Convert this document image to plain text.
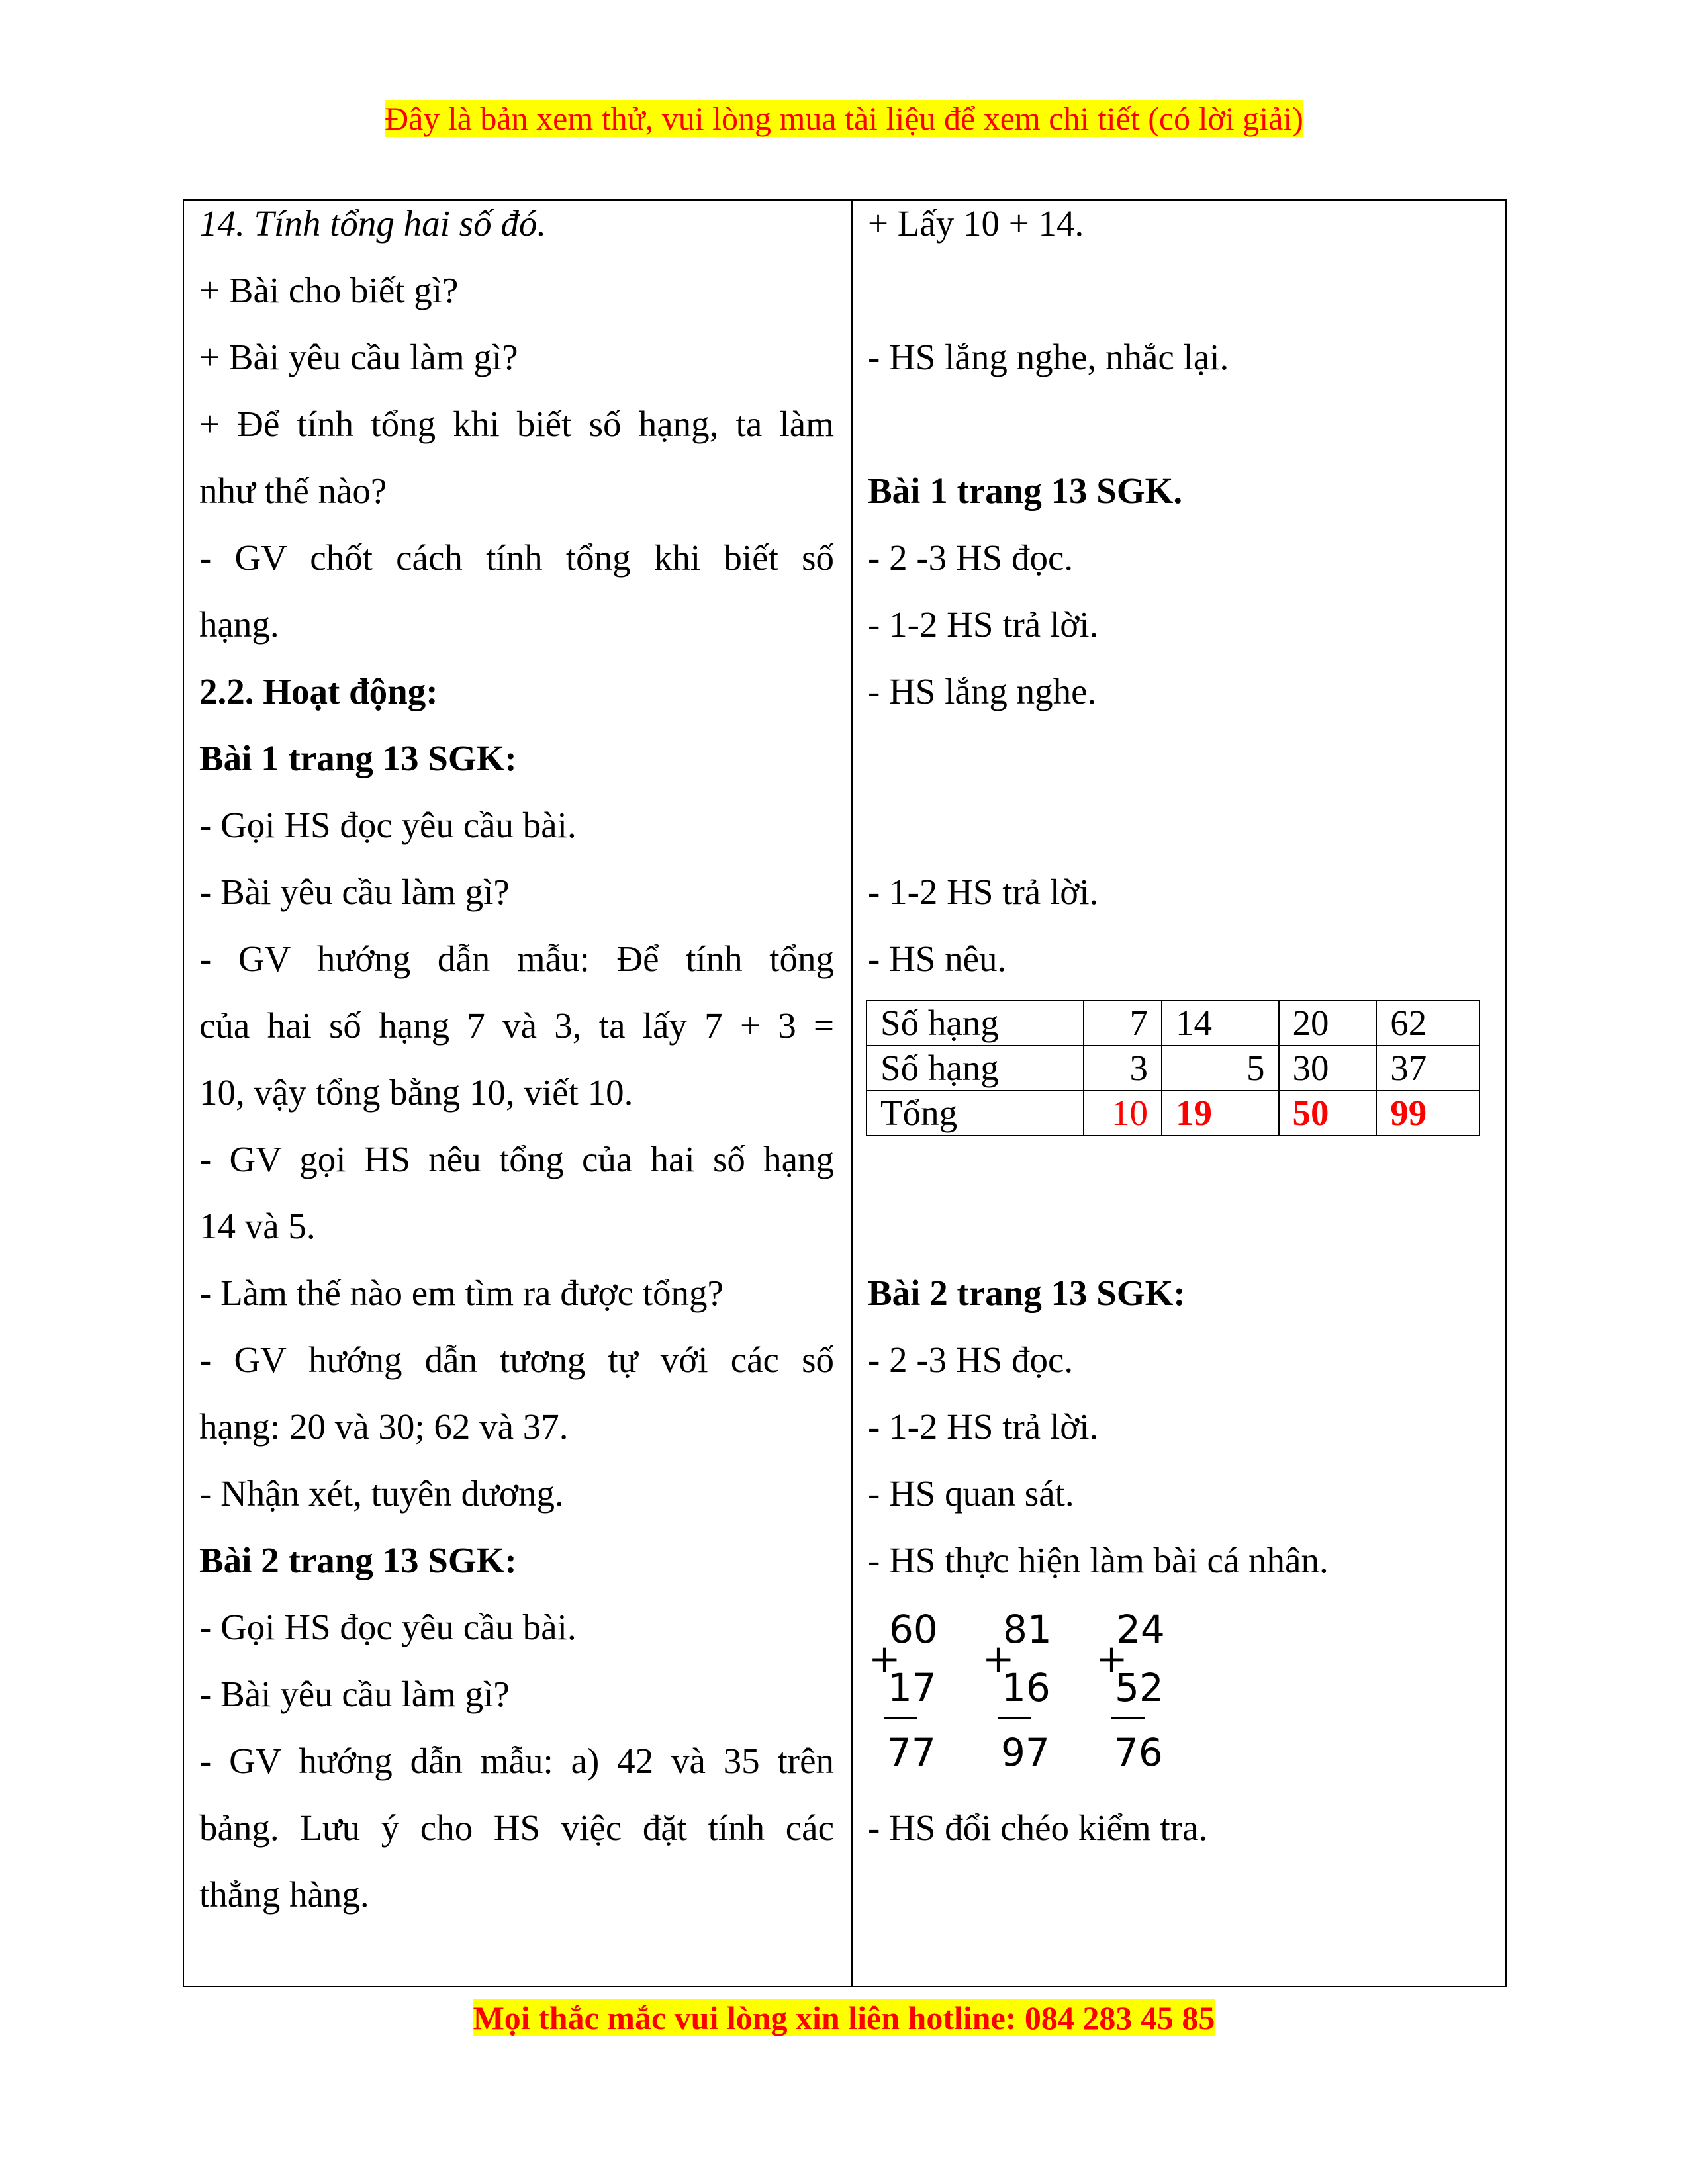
Đây là bản xem thử, vui lòng mua tài liệu để xem chi tiết (có lời giải)
14. Tính tổng hai số đó.
+ Bài cho biết gì?
+ Bài yêu cầu làm gì?
+ Để tính tổng khi biết số hạng, ta làm
như thế nào?
- GV chốt cách tính tổng khi biết số
hạng.
2.2. Hoạt động:
Bài 1 trang 13 SGK:
- Gọi HS đọc yêu cầu bài.
- Bài yêu cầu làm gì?
- GV hướng dẫn mẫu: Để tính tổng
của hai số hạng 7 và 3, ta lấy 7 + 3 =
10, vậy tổng bằng 10, viết 10.
- GV gọi HS nêu tổng của hai số hạng
14 và 5.
- Làm thế nào em tìm ra được tổng?
- GV hướng dẫn tương tự với các số
hạng: 20 và 30; 62 và 37.
- Nhận xét, tuyên dương.
Bài 2 trang 13 SGK:
- Gọi HS đọc yêu cầu bài.
- Bài yêu cầu làm gì?
- GV hướng dẫn mẫu: a) 42 và 35 trên
bảng. Lưu ý cho HS việc đặt tính các
thẳng hàng.
+ Lấy 10 + 14.
- HS lắng nghe, nhắc lại.
Bài 1 trang 13 SGK.
- 2 -3 HS đọc.
- 1-2 HS trả lời.
- HS lắng nghe.
- 1-2 HS trả lời.
- HS nêu.
Bài 2 trang 13 SGK:
- 2 -3 HS đọc.
- 1-2 HS trả lời.
- HS quan sát.
- HS thực hiện làm bài cá nhân.
- HS đổi chéo kiểm tra.
Số hạng	7	14	20	62
Số hạng	3	5	30	37
Tổng	10	19	50	99
60
+
17
77
81
+
16
97
24
+
52
76
Mọi thắc mắc vui lòng xin liên hotline: 084 283 45 85
